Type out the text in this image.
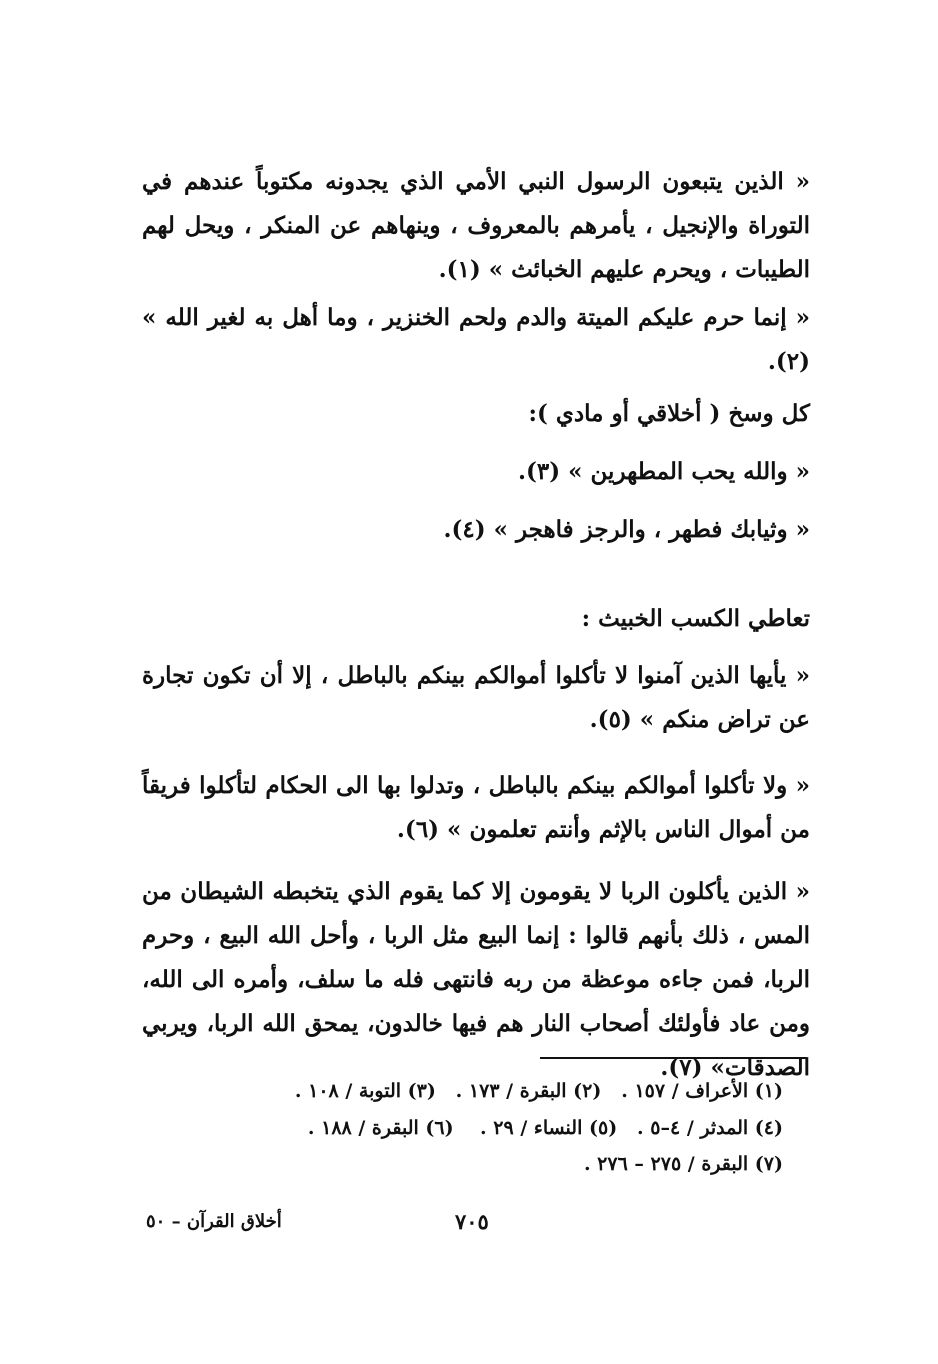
« الذين يتبعون الرسول النبي الأمي الذي يجدونه مكتوباً عندهم في التوراة والإنجيل ، يأمرهم بالمعروف ، وينهاهم عن المنكر ، ويحل لهم الطيبات ، ويحرم عليهم الخبائث » (١).

« إنما حرم عليكم الميتة والدم ولحم الخنزير ، وما أهل به لغير الله » (٢).

كل وسخ ( أخلاقي أو مادي ):

« والله يحب المطهرين » (٣).

« وثيابك فطهر ، والرجز فاهجر » (٤).

تعاطي الكسب الخبيث :

« يأيها الذين آمنوا لا تأكلوا أموالكم بينكم بالباطل ، إلا أن تكون تجارة عن تراض منكم » (٥).

« ولا تأكلوا أموالكم بينكم بالباطل ، وتدلوا بها الى الحكام لتأكلوا فريقاً من أموال الناس بالإثم وأنتم تعلمون » (٦).

« الذين يأكلون الربا لا يقومون إلا كما يقوم الذي يتخبطه الشيطان من المس ، ذلك بأنهم قالوا : إنما البيع مثل الربا ، وأحل الله البيع ، وحرم الربا، فمن جاءه موعظة من ربه فانتهى فله ما سلف، وأمره الى الله، ومن عاد فأولئك أصحاب النار هم فيها خالدون، يمحق الله الربا، ويربي الصدقات» (٧).

(١) الأعراف / ١٥٧ .   (٢) البقرة / ١٧٣ .   (٣) التوبة / ١٠٨ .
(٤) المدثر / ٤–٥ .   (٥) النساء / ٢٩ .    (٦) البقرة / ١٨٨ .
(٧) البقرة / ٢٧٥ – ٢٧٦ .
٧٠٥
أخلاق القرآن – ٥٠
